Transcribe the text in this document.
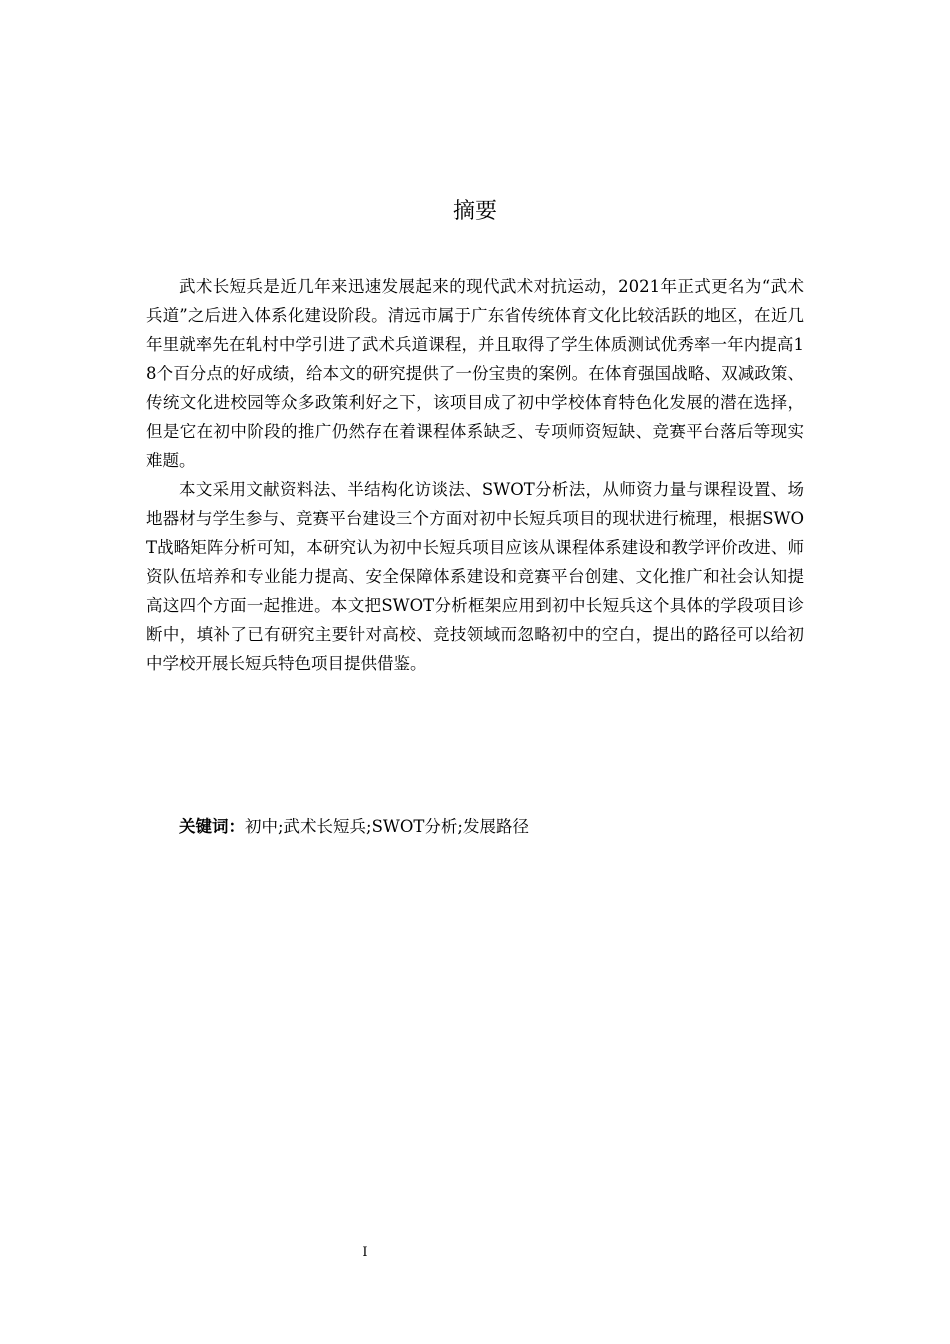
摘要

武术长短兵是近几年来迅速发展起来的现代武术对抗运动，2021年正式更名为“武术兵道”之后进入体系化建设阶段。清远市属于广东省传统体育文化比较活跃的地区，在近几年里就率先在轧村中学引进了武术兵道课程，并且取得了学生体质测试优秀率一年内提高18个百分点的好成绩，给本文的研究提供了一份宝贵的案例。在体育强国战略、双减政策、传统文化进校园等众多政策利好之下，该项目成了初中学校体育特色化发展的潜在选择，但是它在初中阶段的推广仍然存在着课程体系缺乏、专项师资短缺、竞赛平台落后等现实难题。

本文采用文献资料法、半结构化访谈法、SWOT分析法，从师资力量与课程设置、场地器材与学生参与、竞赛平台建设三个方面对初中长短兵项目的现状进行梳理，根据SWOT战略矩阵分析可知，本研究认为初中长短兵项目应该从课程体系建设和教学评价改进、师资队伍培养和专业能力提高、安全保障体系建设和竞赛平台创建、文化推广和社会认知提高这四个方面一起推进。本文把SWOT分析框架应用到初中长短兵这个具体的学段项目诊断中，填补了已有研究主要针对高校、竞技领域而忽略初中的空白，提出的路径可以给初中学校开展长短兵特色项目提供借鉴。

关键词：初中;武术长短兵;SWOT分析;发展路径

I
